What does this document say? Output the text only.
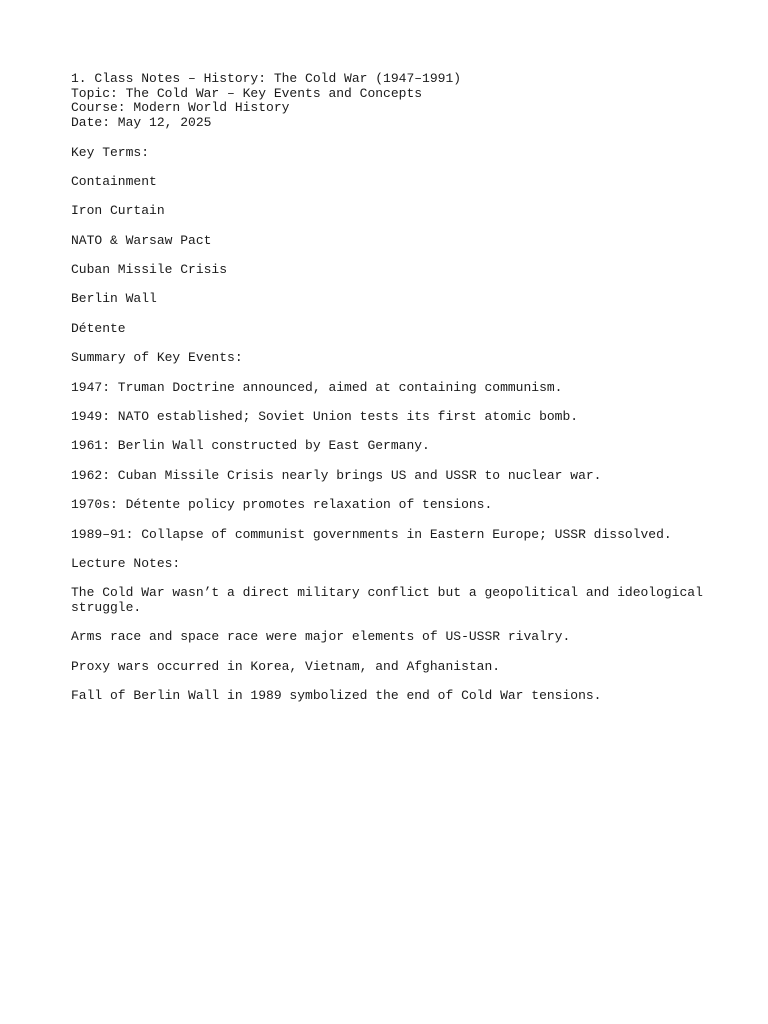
1. Class Notes – History: The Cold War (1947–1991)

Topic: The Cold War – Key Events and Concepts

Course: Modern World History

Date: May 12, 2025

Key Terms:

Containment

Iron Curtain

NATO & Warsaw Pact

Cuban Missile Crisis

Berlin Wall

Détente

Summary of Key Events:

1947: Truman Doctrine announced, aimed at containing communism.

1949: NATO established; Soviet Union tests its first atomic bomb.

1961: Berlin Wall constructed by East Germany.

1962: Cuban Missile Crisis nearly brings US and USSR to nuclear war.

1970s: Détente policy promotes relaxation of tensions.

1989–91: Collapse of communist governments in Eastern Europe; USSR dissolved.

Lecture Notes:

The Cold War wasn’t a direct military conflict but a geopolitical and ideological struggle.

Arms race and space race were major elements of US-USSR rivalry.

Proxy wars occurred in Korea, Vietnam, and Afghanistan.

Fall of Berlin Wall in 1989 symbolized the end of Cold War tensions.
